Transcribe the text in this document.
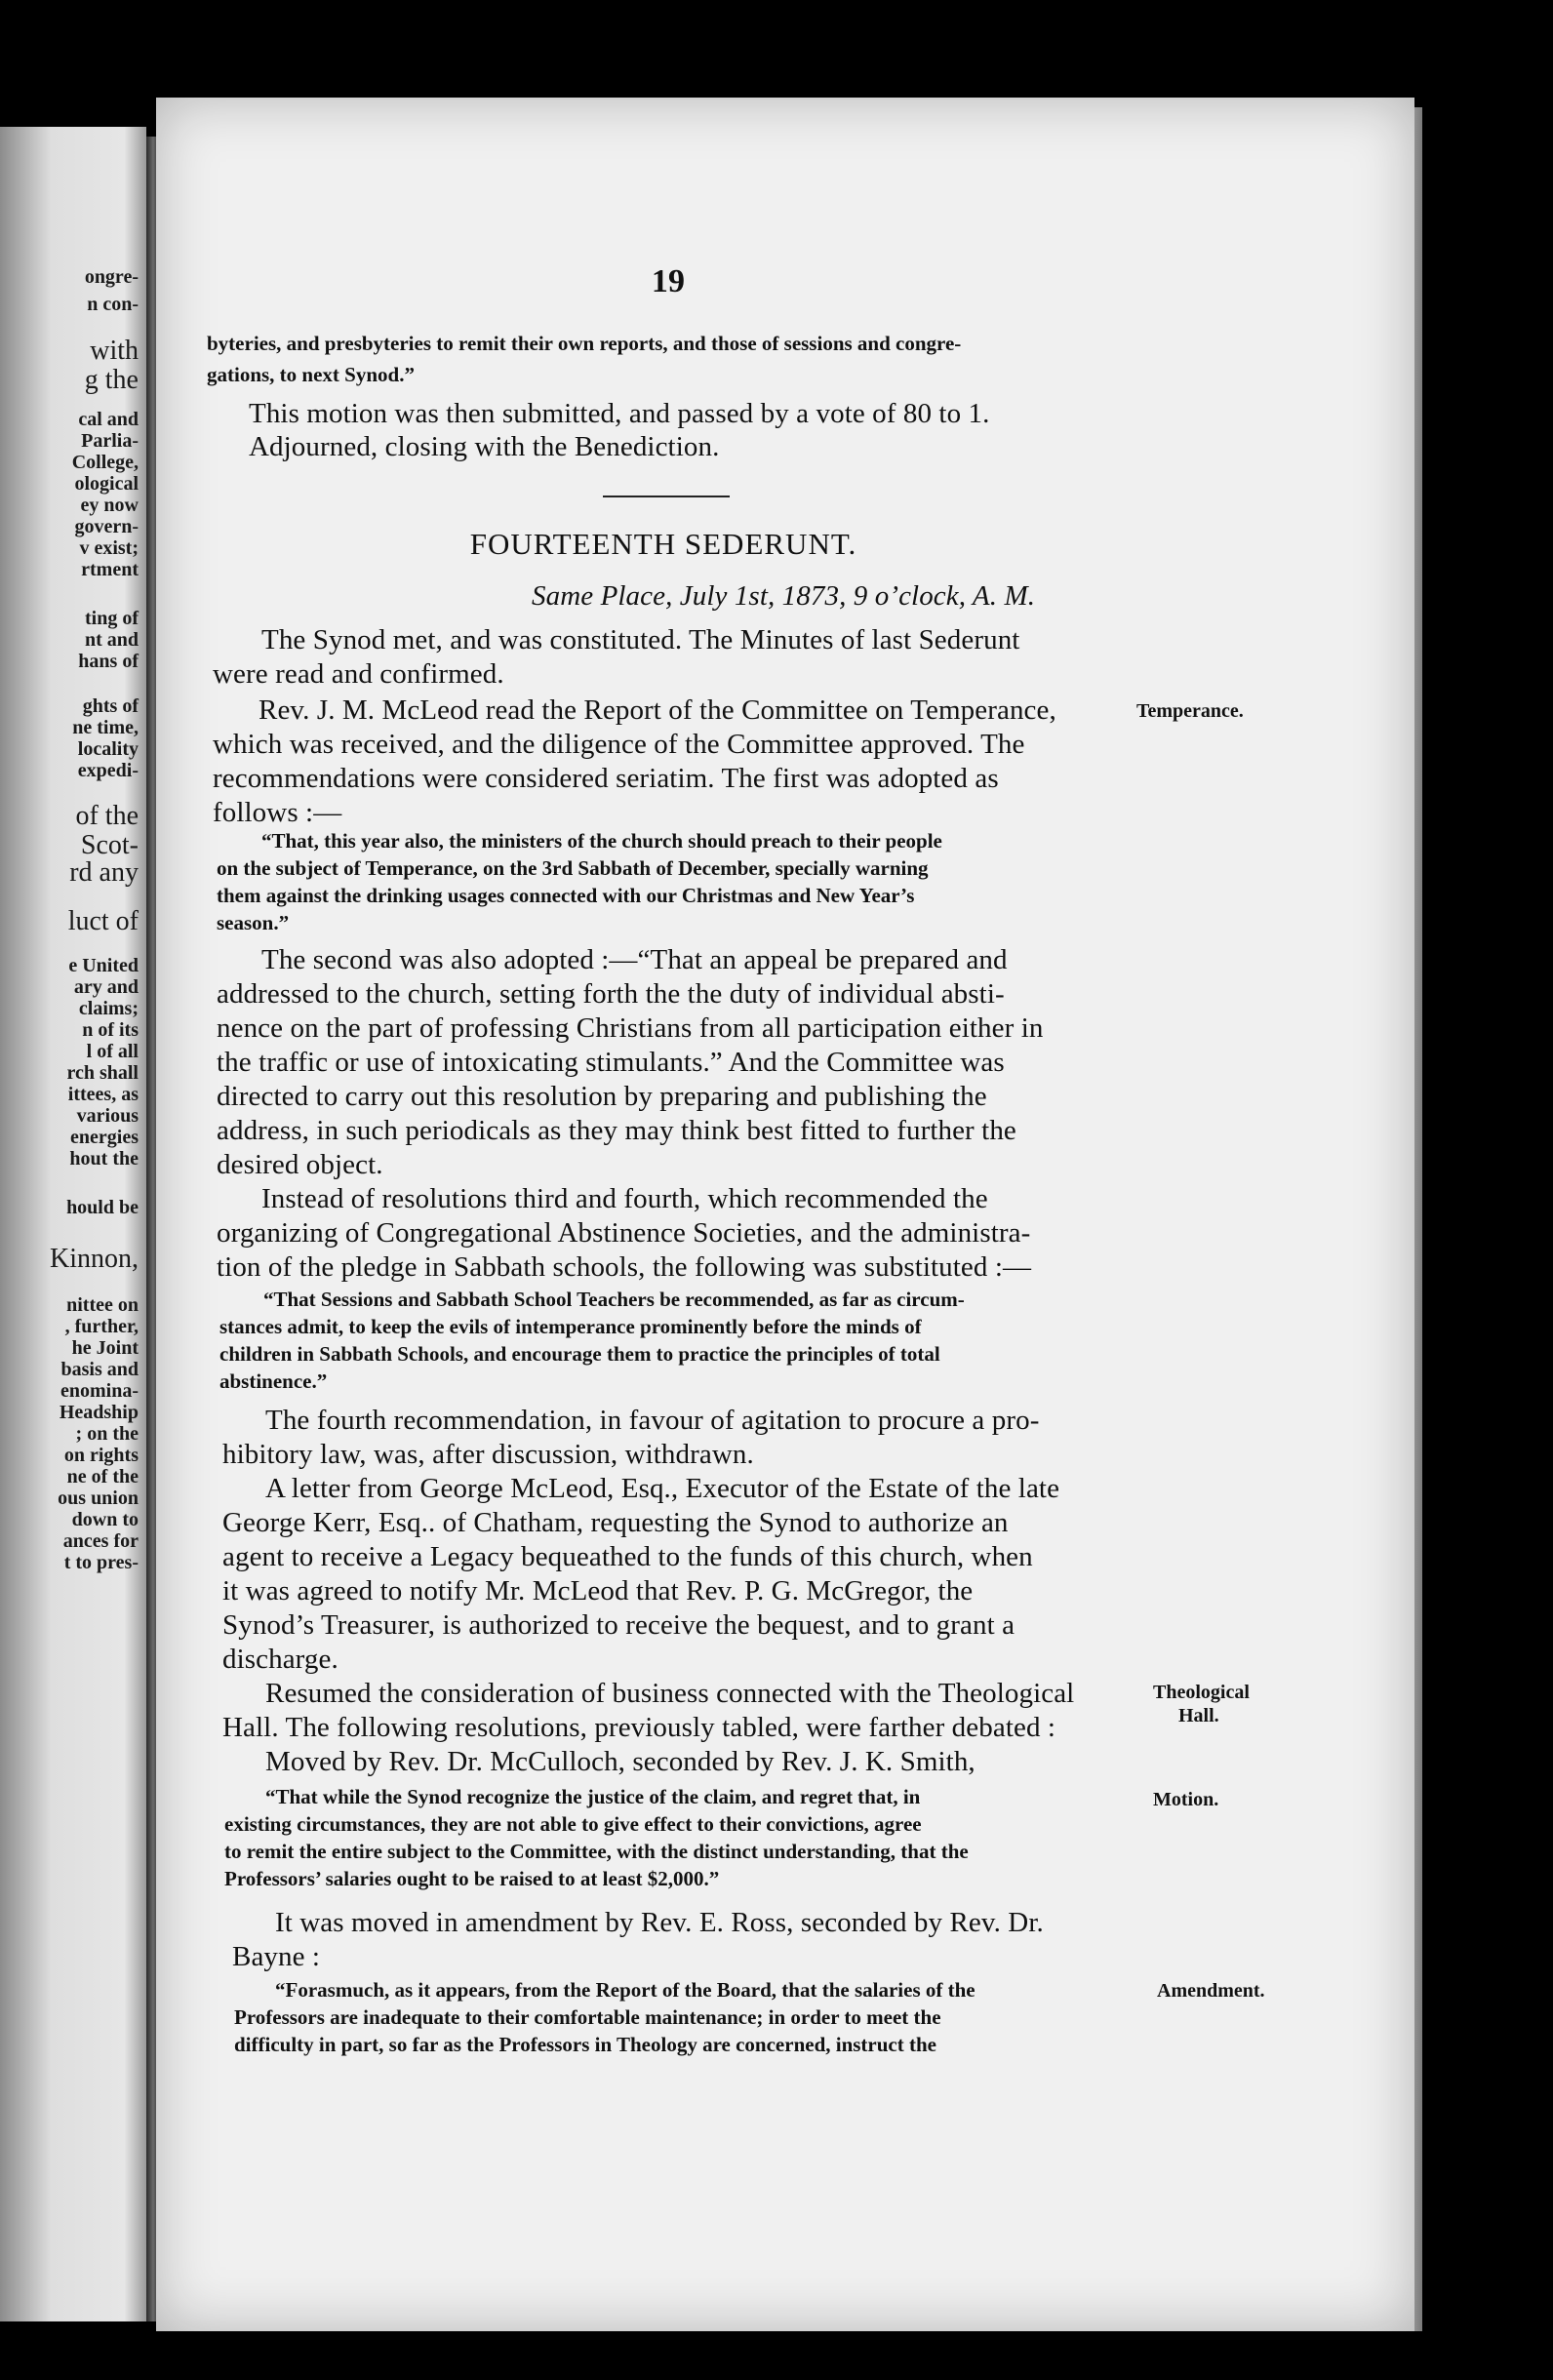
ongre-
n con-
with
g the
cal and
Parlia-
College,
ological
ey now
govern-
v exist;
rtment
ting of
nt and
hans of
ghts of
ne time,
locality
expedi-
of the
Scot-
rd any
luct of
e United
ary and
claims;
n of its
l of all
rch shall
ittees, as
various
energies
hout the
hould be
Kinnon,
nittee on
, further,
he Joint
basis and
enomina-
Headship
; on the
on rights
ne of the
ous union
down to
ances for
t to pres-
19
byteries, and presbyteries to remit their own reports, and those of sessions and congre-
gations, to next Synod.”
This motion was then submitted, and passed by a vote of 80 to 1.
Adjourned, closing with the Benediction.
FOURTEENTH SEDERUNT.
Same Place, July 1st, 1873, 9 o’clock, A. M.
The Synod met, and was constituted. The Minutes of last Sederunt
were read and confirmed.
Rev. J. M. McLeod read the Report of the Committee on Temperance,
which was received, and the diligence of the Committee approved. The
recommendations were considered seriatim. The first was adopted as
follows :—
“That, this year also, the ministers of the church should preach to their people
on the subject of Temperance, on the 3rd Sabbath of December, specially warning
them against the drinking usages connected with our Christmas and New Year’s
season.”
The second was also adopted :—“That an appeal be prepared and
addressed to the church, setting forth the the duty of individual absti-
nence on the part of professing Christians from all participation either in
the traffic or use of intoxicating stimulants.” And the Committee was
directed to carry out this resolution by preparing and publishing the
address, in such periodicals as they may think best fitted to further the
desired object.
Instead of resolutions third and fourth, which recommended the
organizing of Congregational Abstinence Societies, and the administra-
tion of the pledge in Sabbath schools, the following was substituted :—
“That Sessions and Sabbath School Teachers be recommended, as far as circum-
stances admit, to keep the evils of intemperance prominently before the minds of
children in Sabbath Schools, and encourage them to practice the principles of total
abstinence.”
The fourth recommendation, in favour of agitation to procure a pro-
hibitory law, was, after discussion, withdrawn.
A letter from George McLeod, Esq., Executor of the Estate of the late
George Kerr, Esq.. of Chatham, requesting the Synod to authorize an
agent to receive a Legacy bequeathed to the funds of this church, when
it was agreed to notify Mr. McLeod that Rev. P. G. McGregor, the
Synod’s Treasurer, is authorized to receive the bequest, and to grant a
discharge.
Resumed the consideration of business connected with the Theological
Hall. The following resolutions, previously tabled, were farther debated :
Moved by Rev. Dr. McCulloch, seconded by Rev. J. K. Smith,
“That while the Synod recognize the justice of the claim, and regret that, in
existing circumstances, they are not able to give effect to their convictions, agree
to remit the entire subject to the Committee, with the distinct understanding, that the
Professors’ salaries ought to be raised to at least $2,000.”
It was moved in amendment by Rev. E. Ross, seconded by Rev. Dr.
Bayne :
“Forasmuch, as it appears, from the Report of the Board, that the salaries of the
Professors are inadequate to their comfortable maintenance; in order to meet the
difficulty in part, so far as the Professors in Theology are concerned, instruct the
Temperance.
Theological
Hall.
Motion.
Amendment.
